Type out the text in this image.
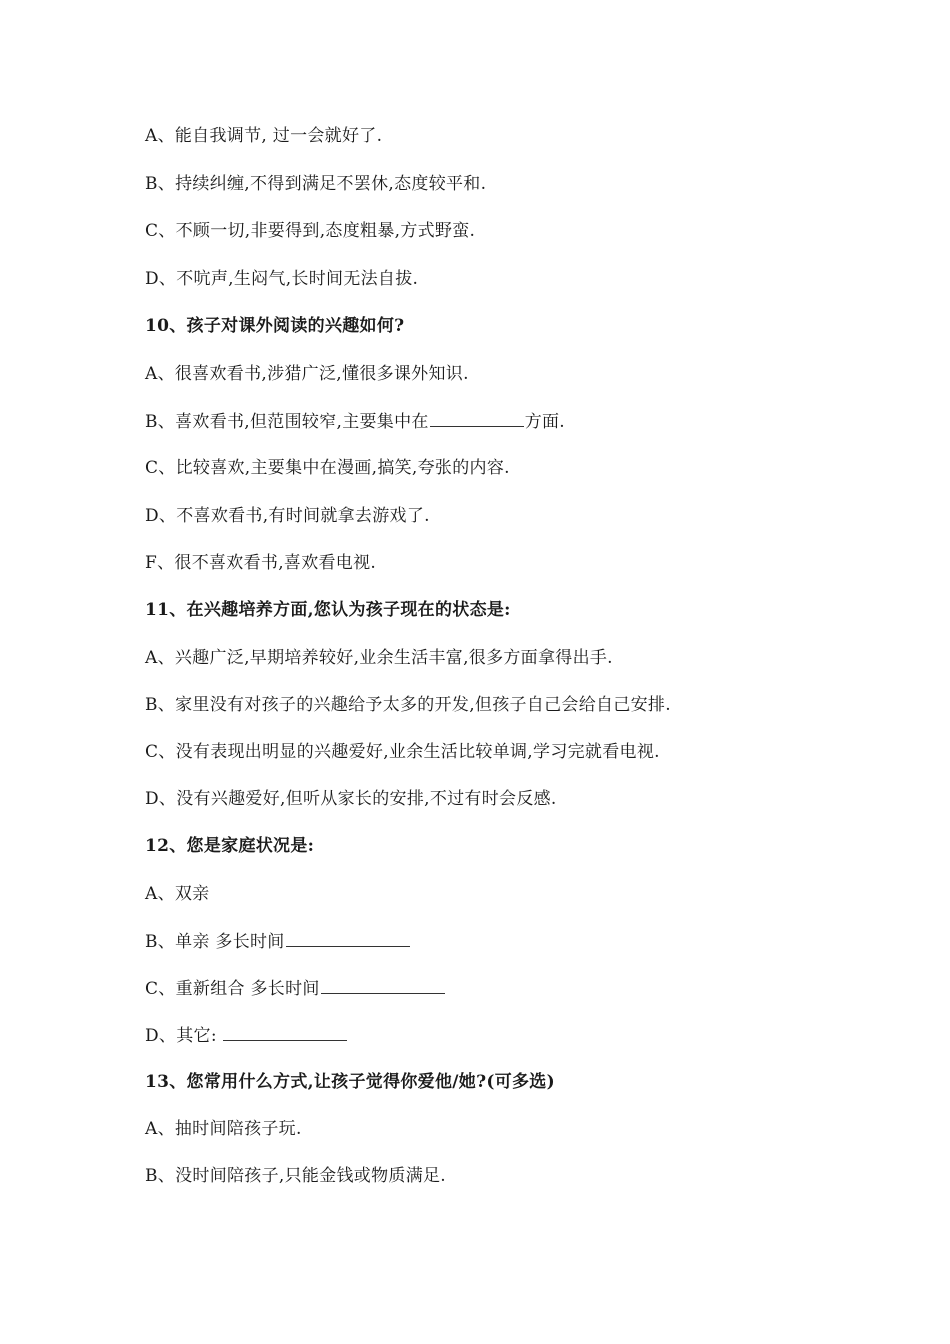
A、能自我调节, 过一会就好了.
B、持续纠缠,不得到满足不罢休,态度较平和.
C、不顾一切,非要得到,态度粗暴,方式野蛮.
D、不吭声,生闷气,长时间无法自拔.
10、孩子对课外阅读的兴趣如何?
A、很喜欢看书,涉猎广泛,懂很多课外知识.
B、喜欢看书,但范围较窄,主要集中在	方面.
C、比较喜欢,主要集中在漫画,搞笑,夸张的内容.
D、不喜欢看书,有时间就拿去游戏了.
F、很不喜欢看书,喜欢看电视.
11、在兴趣培养方面,您认为孩子现在的状态是:
A、兴趣广泛,早期培养较好,业余生活丰富,很多方面拿得出手.
B、家里没有对孩子的兴趣给予太多的开发,但孩子自己会给自己安排.
C、没有表现出明显的兴趣爱好,业余生活比较单调,学习完就看电视.
D、没有兴趣爱好,但听从家长的安排,不过有时会反感.
12、您是家庭状况是:
A、双亲
B、单亲 多长时间
C、重新组合 多长时间
D、其它:
13、您常用什么方式,让孩子觉得你爱他/她?(可多选)
A、抽时间陪孩子玩.
B、没时间陪孩子,只能金钱或物质满足.
